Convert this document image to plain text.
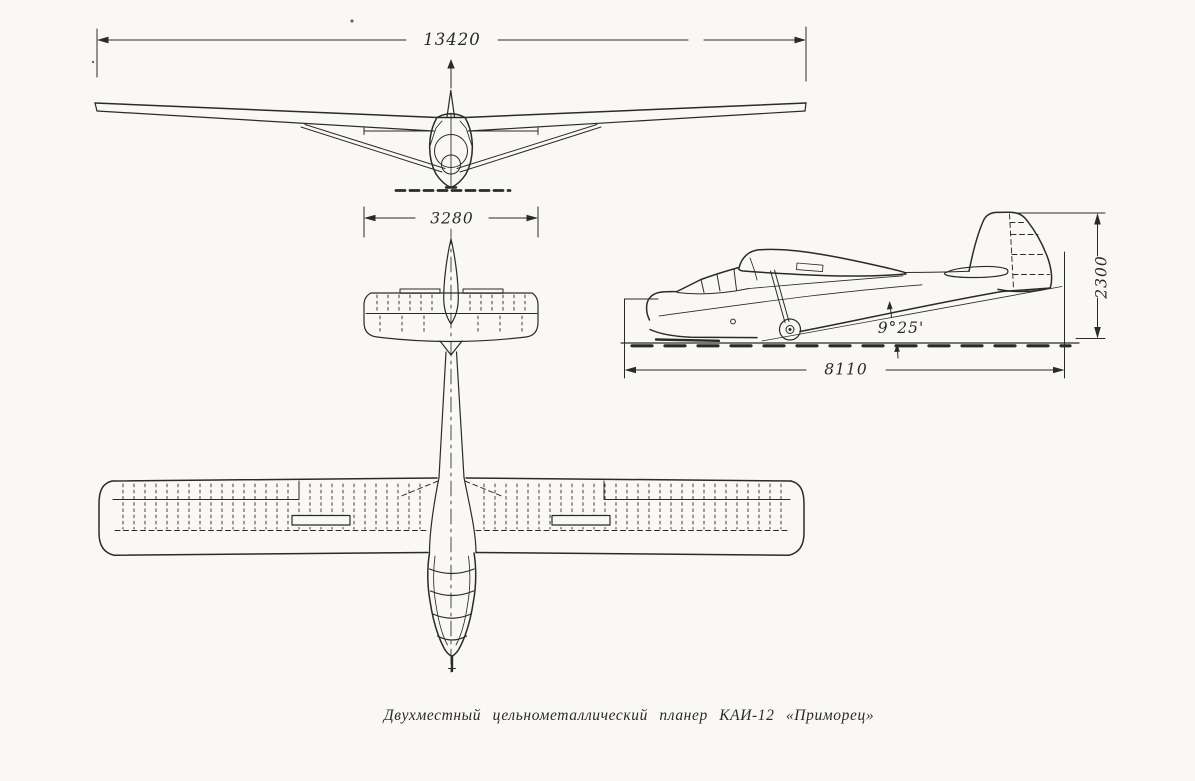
13420
3280
8110
2300
9°25'
Двухместный цельнометаллический планер КАИ-12 «Приморец»
